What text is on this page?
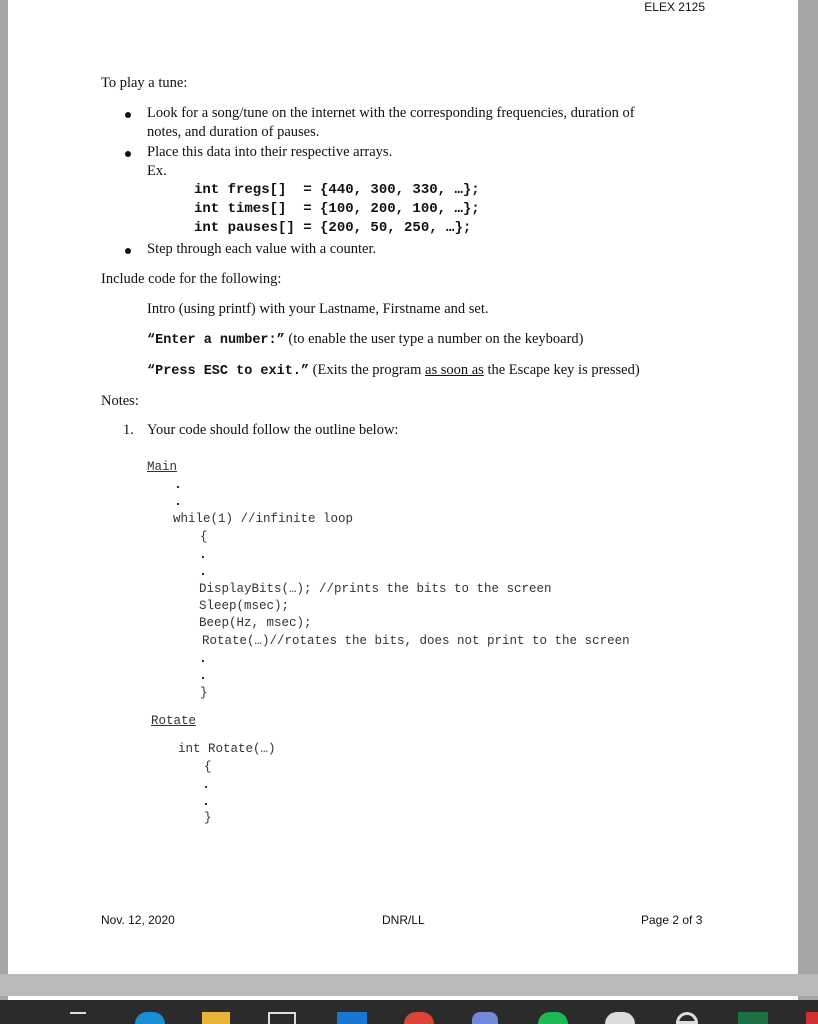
ELEX 2125
To play a tune:
Look for a song/tune on the internet with the corresponding frequencies, duration of
notes, and duration of pauses.
Place this data into their respective arrays.
Ex.
int fregs[]  = {440, 300, 330, …};
int times[]  = {100, 200, 100, …};
int pauses[] = {200, 50, 250, …};
Step through each value with a counter.
Include code for the following:
Intro (using printf) with your Lastname, Firstname and set.
“Enter a number:” (to enable the user type a number on the keyboard)
“Press ESC to exit.” (Exits the program as soon as the Escape key is pressed)
Notes:
1. Your code should follow the outline below:
Main
while(1) //infinite loop
{
DisplayBits(…); //prints the bits to the screen
Sleep(msec);
Beep(Hz, msec);
Rotate(…)//rotates the bits, does not print to the screen
}
Rotate
int Rotate(…)
{
}
Nov. 12, 2020	DNR/LL	Page 2 of 3
